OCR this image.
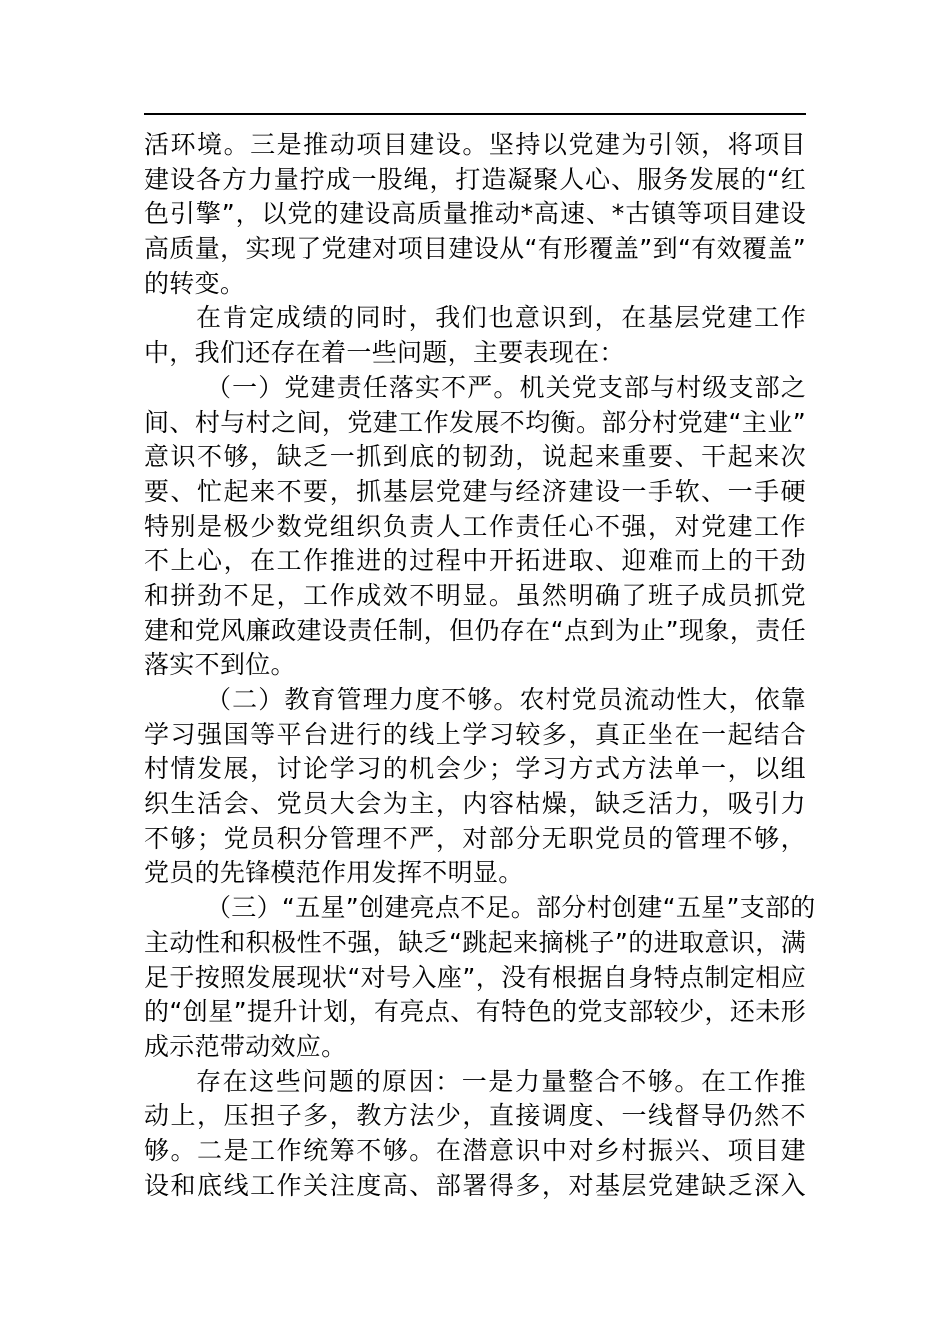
活环境。三是推动项目建设。坚持以党建为引领，将项目
建设各方力量拧成一股绳，打造凝聚人心、服务发展的“红
色引擎”，以党的建设高质量推动*高速、*古镇等项目建设
高质量，实现了党建对项目建设从“有形覆盖”到“有效覆盖”
的转变。
在肯定成绩的同时，我们也意识到，在基层党建工作
中，我们还存在着一些问题，主要表现在：
（一）党建责任落实不严。机关党支部与村级支部之
间、村与村之间，党建工作发展不均衡。部分村党建“主业”
意识不够，缺乏一抓到底的韧劲，说起来重要、干起来次
要、忙起来不要，抓基层党建与经济建设一手软、一手硬
特别是极少数党组织负责人工作责任心不强，对党建工作
不上心，在工作推进的过程中开拓进取、迎难而上的干劲
和拼劲不足，工作成效不明显。虽然明确了班子成员抓党
建和党风廉政建设责任制，但仍存在“点到为止”现象，责任
落实不到位。
（二）教育管理力度不够。农村党员流动性大，依靠
学习强国等平台进行的线上学习较多，真正坐在一起结合
村情发展，讨论学习的机会少；学习方式方法单一，以组
织生活会、党员大会为主，内容枯燥，缺乏活力，吸引力
不够；党员积分管理不严，对部分无职党员的管理不够，
党员的先锋模范作用发挥不明显。
（三）“五星”创建亮点不足。部分村创建“五星”支部的
主动性和积极性不强，缺乏“跳起来摘桃子”的进取意识，满
足于按照发展现状“对号入座”，没有根据自身特点制定相应
的“创星”提升计划，有亮点、有特色的党支部较少，还未形
成示范带动效应。
存在这些问题的原因：一是力量整合不够。在工作推
动上，压担子多，教方法少，直接调度、一线督导仍然不
够。二是工作统筹不够。在潜意识中对乡村振兴、项目建
设和底线工作关注度高、部署得多，对基层党建缺乏深入
